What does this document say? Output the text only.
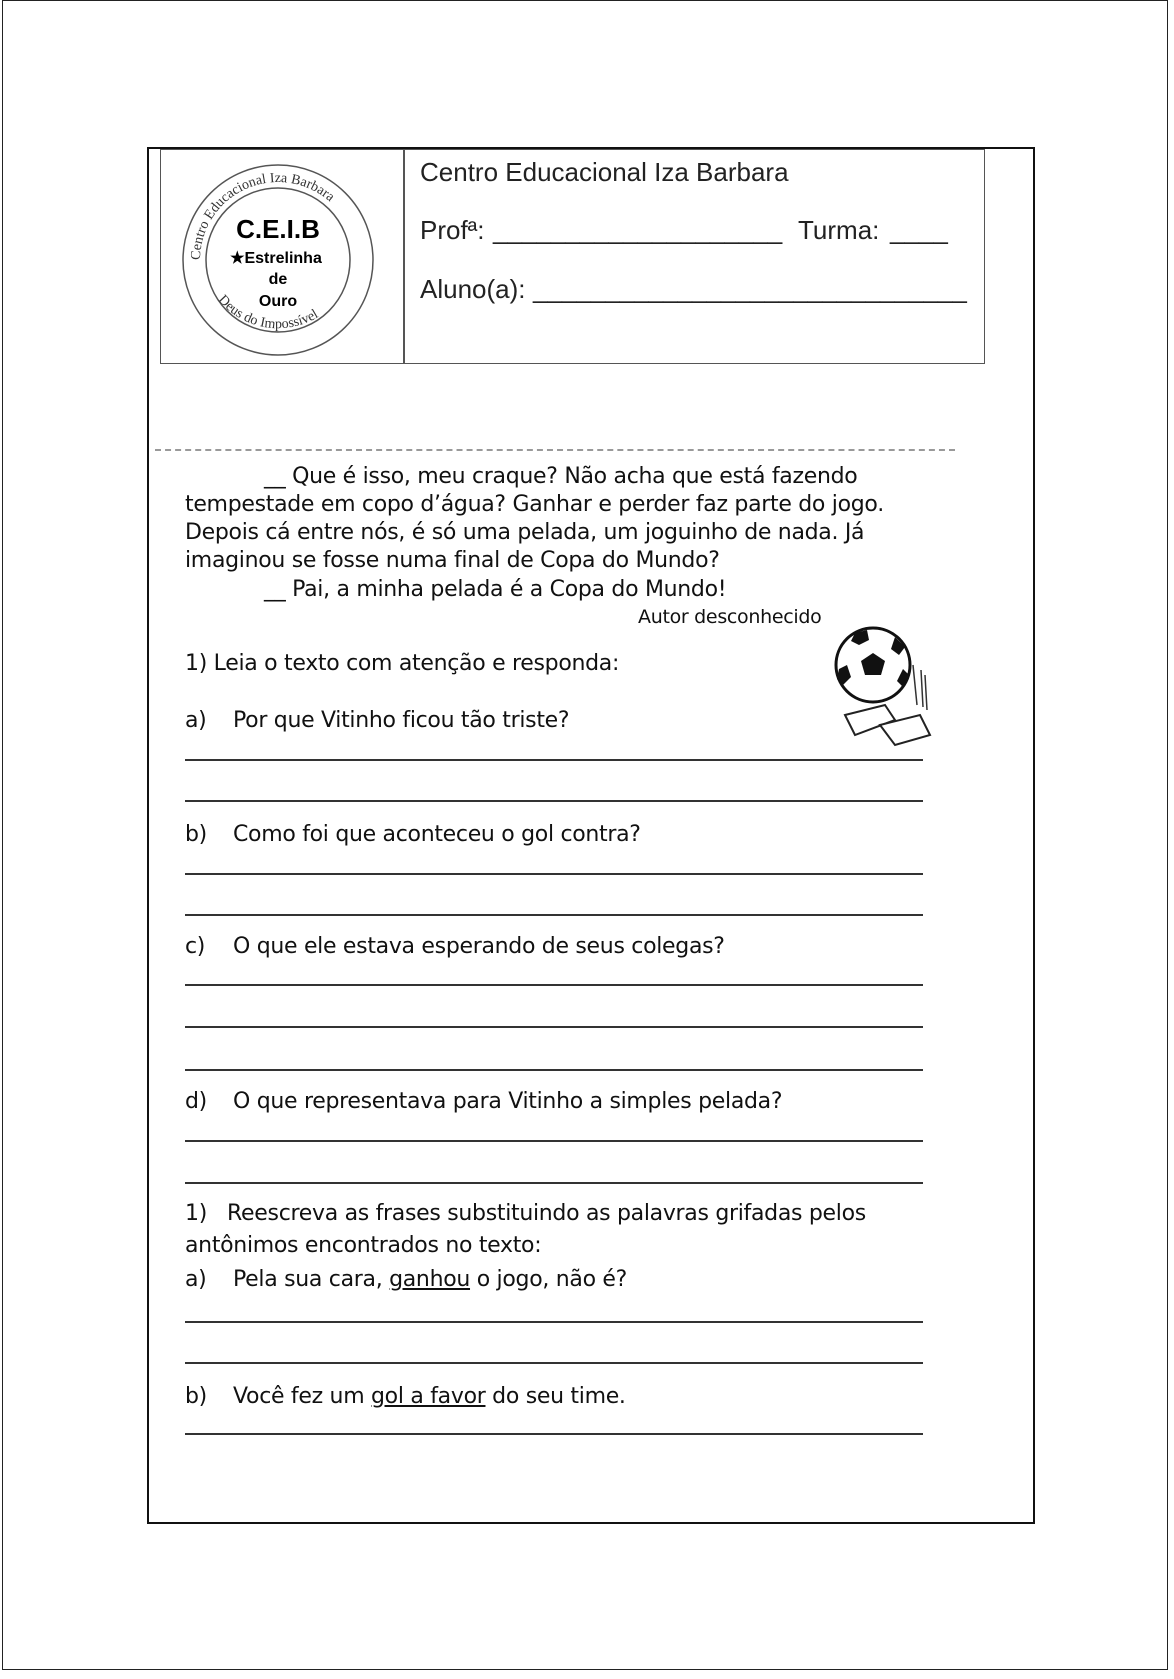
Centro Educacional Iza Barbara
Deus do Impossível
C.E.I.B
★Estrelinha
de
Ouro
Centro Educacional Iza Barbara
Profª: ____________________ Turma: ____
Aluno(a): ______________________________
__ Que é isso, meu craque? Não acha que está fazendo
tempestade em copo d’água? Ganhar e perder faz parte do jogo.
Depois cá entre nós, é só uma pelada, um joguinho de nada. Já
imaginou se fosse numa final de Copa do Mundo?
__ Pai, a minha pelada é a Copa do Mundo!
Autor desconhecido
1) Leia o texto com atenção e responda:
a) Por que Vitinho ficou tão triste?
b) Como foi que aconteceu o gol contra?
c) O que ele estava esperando de seus colegas?
d) O que representava para Vitinho a simples pelada?
1)   Reescreva as frases substituindo as palavras grifadas pelos
antônimos encontrados no texto:
a) Pela sua cara, ganhou o jogo, não é?
b) Você fez um gol a favor do seu time.
